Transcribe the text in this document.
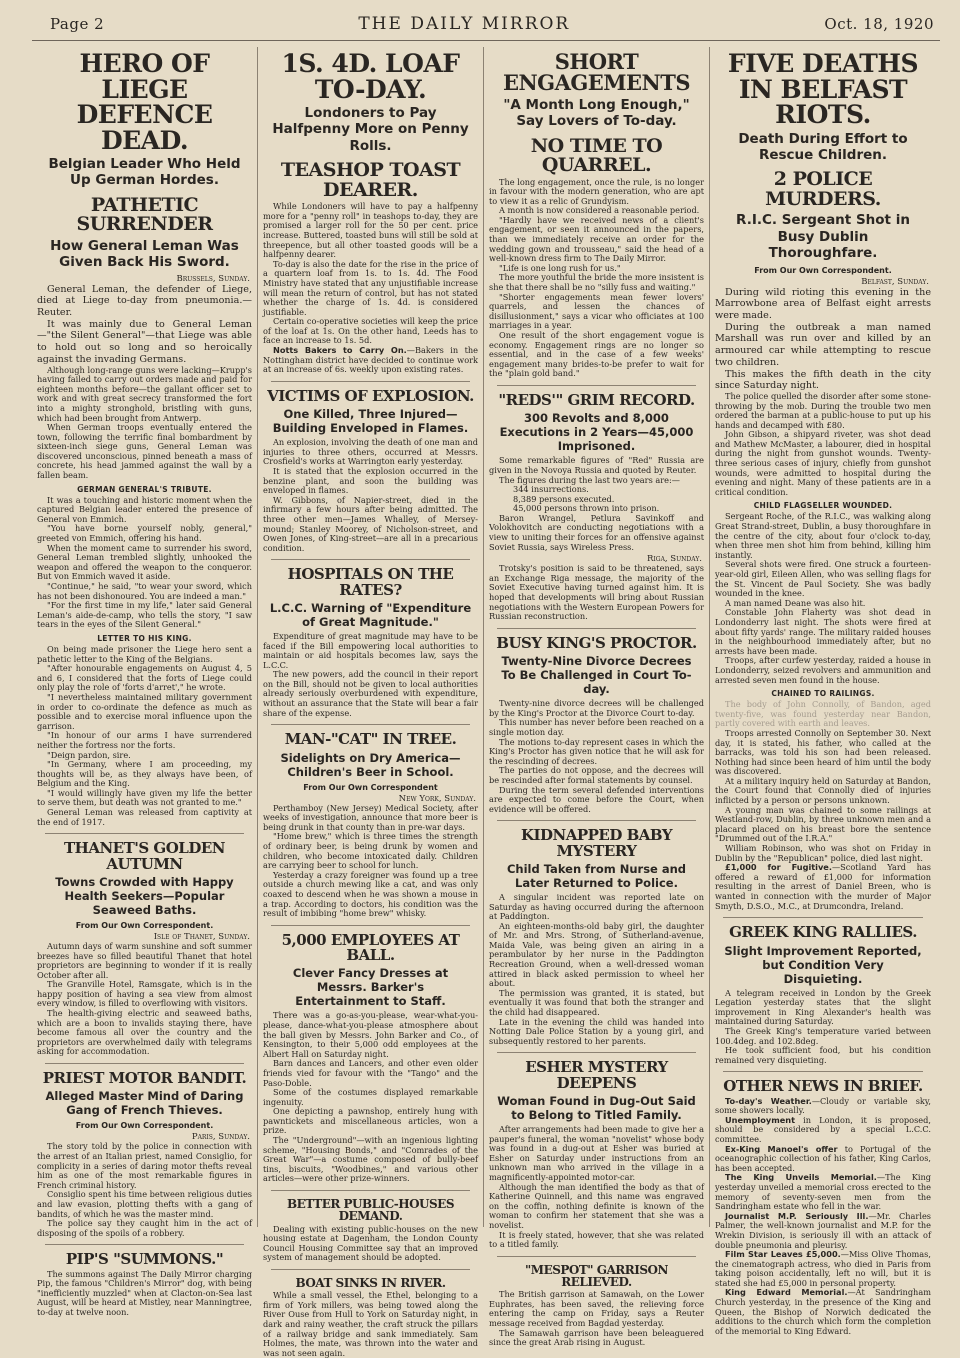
Page 2	THE DAILY MIRROR	Oct. 18, 1920
HERO OF LIEGE DEFENCE DEAD.
Belgian Leader Who Held Up German Hordes.
PATHETIC SURRENDER
How General Leman Was Given Back His Sword.
Brussels, Sunday.

General Leman, the defender of Liege, died at Liege to-day from pneumonia.—Reuter.

It was mainly due to General Leman—"the Silent General"—that Liege was able to hold out so long and so heroically against the invading Germans.

Although long-range guns were lacking—Krupp's having failed to carry out orders made and paid for eighteen months before—the gallant officer set to work and with great secrecy transformed the fort into a mighty stronghold, bristling with guns, which had been brought from Antwerp.

When German troops eventually entered the town, following the terrific final bombardment by sixteen-inch siege guns, General Leman was discovered unconscious, pinned beneath a mass of concrete, his head jammed against the wall by a fallen beam.

GERMAN GENERAL'S TRIBUTE.

It was a touching and historic moment when the captured Belgian leader entered the presence of General von Emmich.

"You have borne yourself nobly, general," greeted von Emmich, offering his hand.

When the moment came to surrender his sword, General Leman trembled slightly, unhooked the weapon and offered the weapon to the conqueror. But von Emmich waved it aside.

"Continue," he said, "to wear your sword, which has not been dishonoured. You are indeed a man."

"For the first time in my life," later said General Leman's aide-de-camp, who tells the story, "I saw tears in the eyes of the Silent General."

LETTER TO HIS KING.

On being made prisoner the Liege hero sent a pathetic letter to the King of the Belgians.

"After honourable engagements on August 4, 5 and 6, I considered that the forts of Liege could only play the role of 'forts d'arret'," he wrote.

"I nevertheless maintained military government in order to co-ordinate the defence as much as possible and to exercise moral influence upon the garrison.

"In honour of our arms I have surrendered neither the fortress nor the forts.

"Deign pardon, sire.

"In Germany, where I am proceeding, my thoughts will be, as they always have been, of Belgium and the King.

"I would willingly have given my life the better to serve them, but death was not granted to me."

General Leman was released from captivity at the end of 1917.

THANET'S GOLDEN AUTUMN
Towns Crowded with Happy Health Seekers—Popular Seaweed Baths.
From Our Own Correspondent.
Isle of Thanet, Sunday.

Autumn days of warm sunshine and soft summer breezes have so filled beautiful Thanet that hotel proprietors are beginning to wonder if it is really October after all.

The Granville Hotel, Ramsgate, which is in the happy position of having a sea view from almost every window, is filled to overflowing with visitors.

The health-giving electric and seaweed baths, which are a boon to invalids staying there, have become famous all over the country and the proprietors are overwhelmed daily with telegrams asking for accommodation.

PRIEST MOTOR BANDIT.
Alleged Master Mind of Daring Gang of French Thieves.
From Our Own Correspondent.
Paris, Sunday.

The story told by the police in connection with the arrest of an Italian priest, named Consiglio, for complicity in a series of daring motor thefts reveal him as one of the most remarkable figures in French criminal history.

Consiglio spent his time between religious duties and law evasion, plotting thefts with a gang of bandits, of which he was the master mind.

The police say they caught him in the act of disposing of the spoils of a robbery.

PIP'S "SUMMONS."

The summons against The Daily Mirror charging Pip, the famous "Children's Mirror" dog, with being "inefficiently muzzled" when at Clacton-on-Sea last August, will be heard at Mistley, near Manningtree, to-day at twelve noon.

1S. 4D. LOAF TO-DAY.
Londoners to Pay Halfpenny More on Penny Rolls.
TEASHOP TOAST DEARER.

While Londoners will have to pay a halfpenny more for a "penny roll" in teashops to-day, they are promised a larger roll for the 50 per cent. price increase. Buttered, toasted buns will still be sold at threepence, but all other toasted goods will be a halfpenny dearer.

To-day is also the date for the rise in the price of a quartern loaf from 1s. to 1s. 4d. The Food Ministry have stated that any unjustifiable increase will mean the return of control, but has not stated whether the charge of 1s. 4d. is considered justifiable.

Certain co-operative societies will keep the price of the loaf at 1s. On the other hand, Leeds has to face an increase to 1s. 5d.

Notts Bakers to Carry On.—Bakers in the Nottingham district have decided to continue work at an increase of 6s. weekly upon existing rates.

VICTIMS OF EXPLOSION.
One Killed, Three Injured—Building Enveloped in Flames.

An explosion, involving the death of one man and injuries to three others, occurred at Messrs. Crosfield's works at Warrington early yesterday.

It is stated that the explosion occurred in the benzine plant, and soon the building was enveloped in flames.

W. Gibbons, of Napier-street, died in the infirmary a few hours after being admitted. The three other men—James Whalley, of Mersey-mound; Stanley Moorey, of Nicholson-street, and Owen Jones, of King-street—are all in a precarious condition.

HOSPITALS ON THE RATES?
L.C.C. Warning of "Expenditure of Great Magnitude."

Expenditure of great magnitude may have to be faced if the Bill empowering local authorities to maintain or aid hospitals becomes law, says the L.C.C.

The new powers, add the council in their report on the Bill, should not be given to local authorities already seriously overburdened with expenditure, without an assurance that the State will bear a fair share of the expense.

MAN-"CAT" IN TREE.
Sidelights on Dry America—Children's Beer in School.
From Our Own Correspondent
New York, Sunday.

Perthamboy (New Jersey) Medical Society, after weeks of investigation, announce that more beer is being drunk in that county than in pre-war days.

"Home brew," which is three times the strength of ordinary beer, is being drunk by women and children, who become intoxicated daily. Children are carrying beer to school for lunch.

Yesterday a crazy foreigner was found up a tree outside a church mewing like a cat, and was only coaxed to descend when he was shown a mouse in a trap. According to doctors, his condition was the result of imbibing "home brew" whisky.

5,000 EMPLOYEES AT BALL.
Clever Fancy Dresses at Messrs. Barker's Entertainment to Staff.

There was a go-as-you-please, wear-what-you-please, dance-what-you-please atmosphere about the ball given by Messrs. John Barker and Co., of Kensington, to their 5,000 odd employees at the Albert Hall on Saturday night.

Barn dances and Lancers, and other even older friends vied for favour with the "Tango" and the Paso-Doble.

Some of the costumes displayed remarkable ingenuity.

One depicting a pawnshop, entirely hung with pawntickets and miscellaneous articles, won a prize.

The "Underground"—with an ingenious lighting scheme, "Housing Bonds," and "Comrades of the Great War"—a costume composed of bully-beef tins, biscuits, "Woodbines," and various other articles—were other prize-winners.

BETTER PUBLIC-HOUSES DEMAND.

Dealing with existing public-houses on the new housing estate at Dagenham, the London County Council Housing Committee say that an improved system of management should be adopted.

BOAT SINKS IN RIVER.

While a small vessel, the Ethel, belonging to a firm of York millers, was being towed along the River Ouse from Hull to York on Saturday night, in dark and rainy weather, the craft struck the pillars of a railway bridge and sank immediately. Sam Holmes, the mate, was thrown into the water and was not seen again.

SHORT ENGAGEMENTS
"A Month Long Enough," Say Lovers of To-day.
NO TIME TO QUARREL.

The long engagement, once the rule, is no longer in favour with the modern generation, who are apt to view it as a relic of Grundyism.

A month is now considered a reasonable period.

"Hardly have we received news of a client's engagement, or seen it announced in the papers, than we immediately receive an order for the wedding gown and trousseau," said the head of a well-known dress firm to The Daily Mirror.

"Life is one long rush for us."

The more youthful the bride the more insistent is she that there shall be no "silly fuss and waiting."

"Shorter engagements mean fewer lovers' quarrels, and lessen the chances of disillusionment," says a vicar who officiates at 100 marriages in a year.

One result of the short engagement vogue is economy. Engagement rings are no longer so essential, and in the case of a few weeks' engagement many brides-to-be prefer to wait for the "plain gold band."

"REDS'" GRIM RECORD.
300 Revolts and 8,000 Executions in 2 Years—45,000 Imprisoned.

Some remarkable figures of "Red" Russia are given in the Novoya Russia and quoted by Reuter.

The figures during the last two years are:—

344 insurrections.

8,389 persons executed.

45,000 persons thrown into prison.

Baron Wrangel, Petlura Savinkoff and Volokhovitch are conducting negotiations with a view to uniting their forces for an offensive against Soviet Russia, says Wireless Press.

Riga, Sunday.

Trotsky's position is said to be threatened, says an Exchange Riga message, the majority of the Soviet Executive having turned against him. It is hoped that developments will bring about Russian negotiations with the Western European Powers for Russian reconstruction.

BUSY KING'S PROCTOR.
Twenty-Nine Divorce Decrees To Be Challenged in Court To-day.

Twenty-nine divorce decrees will be challenged by the King's Proctor at the Divorce Court to-day.

This number has never before been reached on a single motion day.

The motions to-day represent cases in which the King's Proctor has given notice that he will ask for the rescinding of decrees.

The parties do not oppose, and the decrees will be rescinded after formal statements by counsel.

During the term several defended interventions are expected to come before the Court, when evidence will be offered.

KIDNAPPED BABY MYSTERY
Child Taken from Nurse and Later Returned to Police.

A singular incident was reported late on Saturday as having occurred during the afternoon at Paddington.

An eighteen-months-old baby girl, the daughter of Mr. and Mrs. Strong, of Sutherland-avenue, Maida Vale, was being given an airing in a perambulator by her nurse in the Paddington Recreation Ground, when a well-dressed woman attired in black asked permission to wheel her about.

The permission was granted, it is stated, but eventually it was found that both the stranger and the child had disappeared.

Late in the evening the child was handed into Notting Dale Police Station by a young girl, and subsequently restored to her parents.

ESHER MYSTERY DEEPENS
Woman Found in Dug-Out Said to Belong to Titled Family.

After arrangements had been made to give her a pauper's funeral, the woman "novelist" whose body was found in a dug-out at Esher was buried at Esher on Saturday under instructions from an unknown man who arrived in the village in a magnificently-appointed motor-car.

Although the man identified the body as that of Katherine Quinnell, and this name was engraved on the coffin, nothing definite is known of the woman to confirm her statement that she was a novelist.

It is freely stated, however, that she was related to a titled family.

"MESPOT" GARRISON RELIEVED.

The British garrison at Samawah, on the Lower Euphrates, has been saved, the relieving force entering the camp on Friday, says a Reuter message received from Bagdad yesterday.

The Samawah garrison have been beleaguered since the great Arab rising in August.

FIVE DEATHS IN BELFAST RIOTS.
Death During Effort to Rescue Children.
2 POLICE MURDERS.
R.I.C. Sergeant Shot in Busy Dublin Thoroughfare.
From Our Own Correspondent.
Belfast, Sunday.

During wild rioting this evening in the Marrowbone area of Belfast eight arrests were made.

During the outbreak a man named Marshall was run over and killed by an armoured car while attempting to rescue two children.

This makes the fifth death in the city since Saturday night.

The police quelled the disorder after some stone-throwing by the mob. During the trouble two men ordered the barman at a public-house to put up his hands and decamped with £80.

John Gibson, a shipyard riveter, was shot dead and Mathew McMaster, a labourer, died in hospital during the night from gunshot wounds. Twenty-three serious cases of injury, chiefly from gunshot wounds, were admitted to hospital during the evening and night. Many of these patients are in a critical condition.

CHILD FLAGSELLER WOUNDED.

Sergeant Roche, of the R.I.C., was walking along Great Strand-street, Dublin, a busy thoroughfare in the centre of the city, about four o'clock to-day, when three men shot him from behind, killing him instantly.

Several shots were fired. One struck a fourteen-year-old girl, Eileen Allen, who was selling flags for the St. Vincent de Paul Society. She was badly wounded in the knee.

A man named Deane was also hit.

Constable John Flaherty was shot dead in Londonderry last night. The shots were fired at about fifty yards' range. The military raided houses in the neighbourhood immediately after, but no arrests have been made.

Troops, after curfew yesterday, raided a house in Londonderry, seized revolvers and ammunition and arrested seven men found in the house.

CHAINED TO RAILINGS.

The body of John Connolly, of Bandon, aged twenty-five, was found yesterday near Bandon, partly covered with earth and leaves.

Troops arrested Connolly on September 30. Next day, it is stated, his father, who called at the barracks, was told his son had been released. Nothing had since been heard of him until the body was discovered.

At a military inquiry held on Saturday at Bandon, the Court found that Connolly died of injuries inflicted by a person or persons unknown.

A young man was chained to some railings at Westland-row, Dublin, by three unknown men and a placard placed on his breast bore the sentence "Drummed out of the I.R.A."

William Robinson, who was shot on Friday in Dublin by the "Republican" police, died last night.

£1,000 for Fugitive.—Scotland Yard has offered a reward of £1,000 for information resulting in the arrest of Daniel Breen, who is wanted in connection with the murder of Major Smyth, D.S.O., M.C., at Drumcondra, Ireland.

GREEK KING RALLIES.
Slight Improvement Reported, but Condition Very Disquieting.

A telegram received in London by the Greek Legation yesterday states that the slight improvement in King Alexander's health was maintained during Saturday.

The Greek King's temperature varied between 100.4deg. and 102.8deg.

He took sufficient food, but his condition remained very disquieting.

OTHER NEWS IN BRIEF.

To-day's Weather.—Cloudy or variable sky, some showers locally.

Unemployment in London, it is proposed, should be considered by a special L.C.C. committee.

Ex-King Manoel's offer to Portugal of the oceanographic collection of his father, King Carlos, has been accepted.

The King Unveils Memorial.—The King yesterday unveiled a memorial cross erected to the memory of seventy-seven men from the Sandringham estate who fell in the war.

Journalist M.P. Seriously Ill.—Mr. Charles Palmer, the well-known journalist and M.P. for the Wrekin Division, is seriously ill with an attack of double pneumonia and pleurisy.

Film Star Leaves £5,000.—Miss Olive Thomas, the cinematograph actress, who died in Paris from taking poison accidentally, left no will, but it is stated she had £5,000 in personal property.

King Edward Memorial.—At Sandringham Church yesterday, in the presence of the King and Queen, the Bishop of Norwich dedicated the additions to the church which form the completion of the memorial to King Edward.
